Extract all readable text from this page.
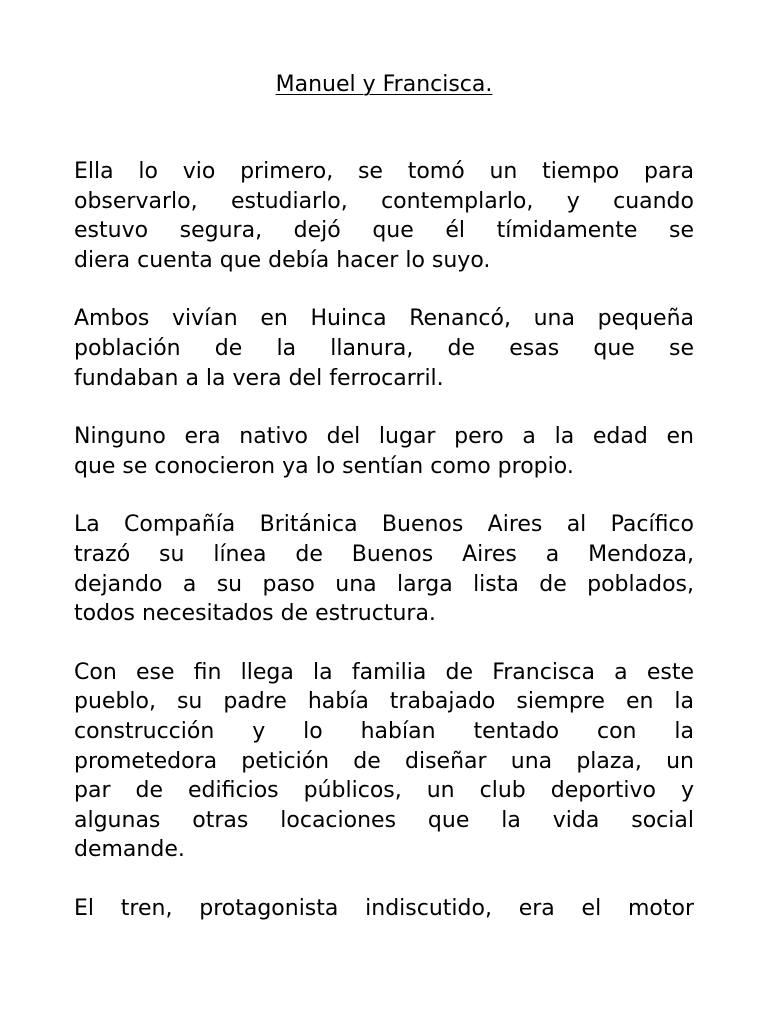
Manuel y Francisca.

Ella lo vio primero, se tomó un tiempo para
observarlo, estudiarlo, contemplarlo, y cuando
estuvo segura, dejó que él tímidamente se
diera cuenta que debía hacer lo suyo.

Ambos vivían en Huinca Renancó, una pequeña
población de la llanura, de esas que se
fundaban a la vera del ferrocarril.

Ninguno era nativo del lugar pero a la edad en
que se conocieron ya lo sentían como propio.

La Compañía Británica Buenos Aires al Pacífico
trazó su línea de Buenos Aires a Mendoza,
dejando a su paso una larga lista de poblados,
todos necesitados de estructura.

Con ese fin llega la familia de Francisca a este
pueblo, su padre había trabajado siempre en la
construcción y lo habían tentado con la
prometedora petición de diseñar una plaza, un
par de edificios públicos, un club deportivo y
algunas otras locaciones que la vida social
demande.

El tren, protagonista indiscutido, era el motor
